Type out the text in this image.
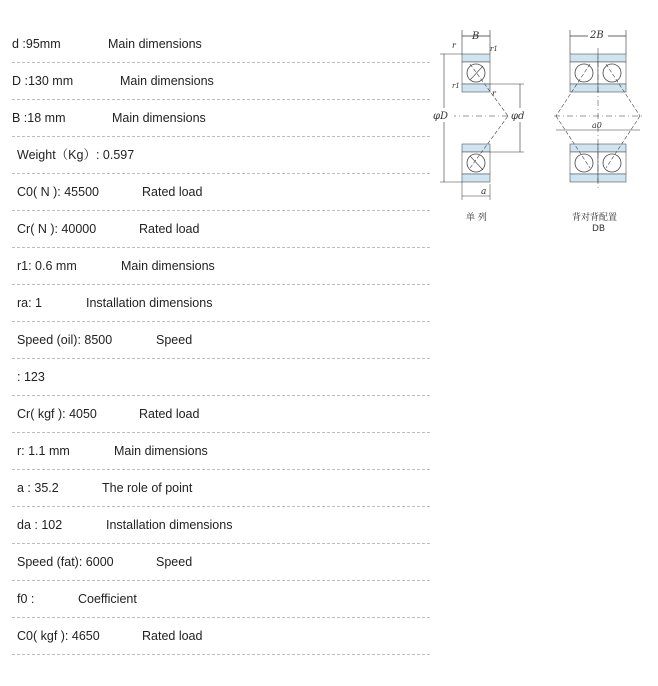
d :95mm	Main dimensions
D :130 mm	Main dimensions
B :18 mm	Main dimensions
Weight（Kg）: 0.597
C0( N ): 45500	Rated load
Cr( N ): 40000	Rated load
r1: 0.6 mm	Main dimensions
ra: 1	Installation dimensions
Speed (oil): 8500	Speed
: 123
Cr( kgf ): 4050	Rated load
r: 1.1 mm	Main dimensions
a : 35.2	The role of point
da : 102	Installation dimensions
Speed (fat): 6000	Speed
f0 :	Coefficient
C0( kgf ): 4650	Rated load
B
r	r1
r1
φD	φd
r
a
单 列
2B
a0
背对背配置
DB
